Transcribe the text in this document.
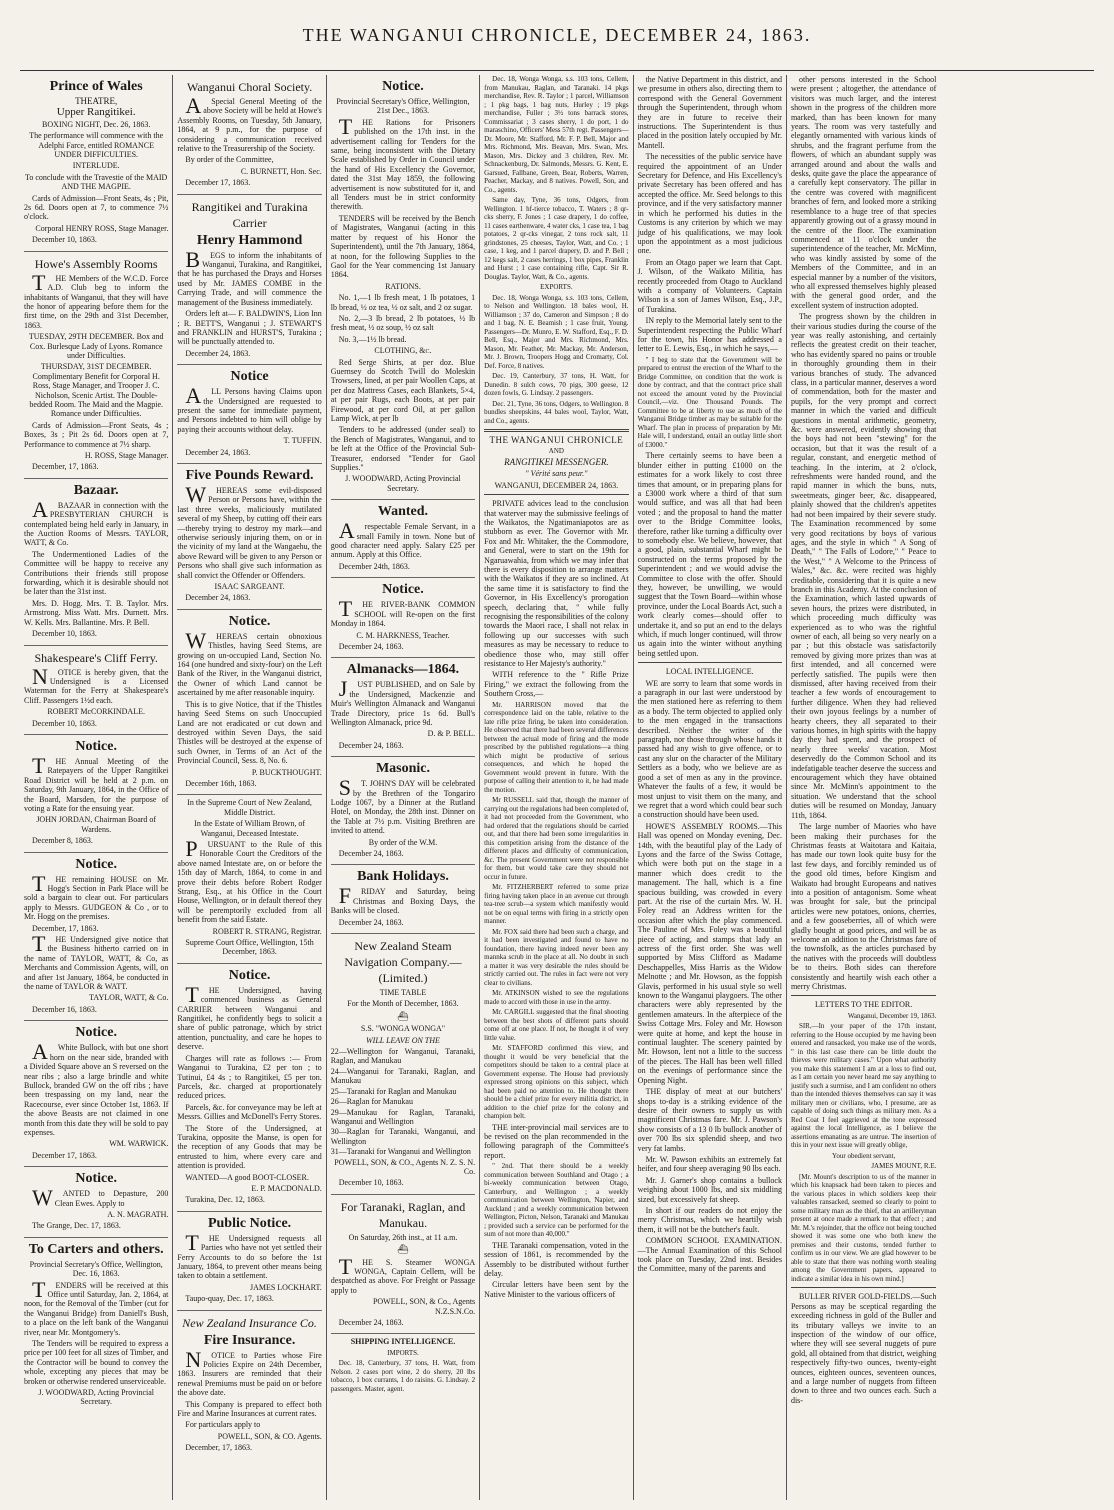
THE WANGANUI CHRONICLE, DECEMBER 24, 1863.
Prince of Wales
THEATRE,
Upper Rangitikei.

BOXING NIGHT, Dec. 26, 1863.

The performance will commence with the Adelphi Farce, entitled ROMANCE UNDER DIFFICULTIES.

INTERLUDE.

To conclude with the Travestie of the MAID AND THE MAGPIE.

Cards of Admission—Front Seats, 4s ; Pit, 2s 6d. Doors open at 7, to commence 7½ o'clock.

Corporal HENRY ROSS, Stage Manager.

December 10, 1863.

Howe's Assembly Rooms

THE Members of the W.C.D. Force A.D. Club beg to inform the inhabitants of Wanganui, that they will have the honor of appearing before them for the first time, on the 29th and 31st December, 1863.

TUESDAY, 29TH DECEMBER. Box and Cox. Burlesque Lady of Lyons. Romance under Difficulties.

THURSDAY, 31ST DECEMBER. Complimentary Benefit for Corporal H. Ross, Stage Manager, and Trooper J. C. Nicholson, Scenic Artist. The Double-bedded Room. The Maid and the Magpie. Romance under Difficulties.

Cards of Admission—Front Seats, 4s ; Boxes, 3s ; Pit 2s 6d. Doors open at 7, Performance to commence at 7½ sharp.

H. ROSS, Stage Manager.

December, 17, 1863.

Bazaar.

ABAZAAR in connection with the PRESBYTERIAN CHURCH is contemplated being held early in January, in the Auction Rooms of Messrs. TAYLOR, WATT, & Co.

The Undermentioned Ladies of the Committee will be happy to receive any Contributions their friends still propose forwarding, which it is desirable should not be later than the 31st inst.

Mrs. D. Hogg. Mrs. T. B. Taylor. Mrs. Armstrong. Miss Watt. Mrs. Durnett. Mrs. W. Kells. Mrs. Ballantine. Mrs. P. Bell.

December 10, 1863.

Shakespeare's Cliff Ferry.

NOTICE is hereby given, that the Undersigned is a Licensed Waterman for the Ferry at Shakespeare's Cliff. Passengers 1½d each.

ROBERT McCORKINDALE.

December 10, 1863.

Notice.

THE Annual Meeting of the Ratepayers of the Upper Rangitikei Road District will be held at 2 p.m. on Saturday, 9th January, 1864, in the Office of the Board, Marsden, for the purpose of voting a Rate for the ensuing year.

JOHN JORDAN, Chairman Board of Wardens.

December 8, 1863.

Notice.

THE remaining HOUSE on Mr. Hogg's Section in Park Place will be sold a bargain to clear out. For particulars apply to Messrs. GUDGEON & Co , or to Mr. Hogg on the premises.

December, 17, 1863.

THE Undersigned give notice that the Business hitherto carried on in the name of TAYLOR, WATT, & Co, as Merchants and Commission Agents, will, on and after 1st January, 1864, be conducted in the name of TAYLOR & WATT.

TAYLOR, WATT, & Co.

December 16, 1863.

Notice.

AWhite Bullock, with but one short horn on the near side, branded with a Divided Square above an S reversed on the near ribs ; also a large brindle and white Bullock, branded GW on the off ribs ; have been trespassing on my land, near the Racecourse, ever since October 1st, 1863. If the above Beasts are not claimed in one month from this date they will be sold to pay expenses.

WM. WARWICK.

December 17, 1863.

Notice.

WANTED to Depasture, 200 Clean Ewes. Apply to

A. N. MAGRATH.

The Grange, Dec. 17, 1863.

To Carters and others.

Provincial Secretary's Office, Wellington, Dec. 16, 1863.

TENDERS will be received at this Office until Saturday, Jan. 2, 1864, at noon, for the Removal of the Timber (cut for the Wanganui Bridge) from Daniell's Bush, to a place on the left bank of the Wanganui river, near Mr. Montgomery's.

The Tenders will be required to express a price per 100 feet for all sizes of Timber, and the Contractor will be bound to convey the whole, excepting any pieces that may be broken or otherwise rendered unserviceable.

J. WOODWARD, Acting Provincial Secretary.

Wanganui Choral Society.

ASpecial General Meeting of the above Society will be held at Howe's Assembly Rooms, on Tuesday, 5th January, 1864, at 9 p.m., for the purpose of considering a communication received relative to the Treasurership of the Society.

By order of the Committee,

C. BURNETT, Hon. Sec.

December 17, 1863.

Rangitikei and Turakina Carrier
Henry Hammond

BEGS to inform the inhabitants of Wanganui, Turakina, and Rangitikei, that he has purchased the Drays and Horses used by Mr. JAMES COMBE in the Carrying Trade, and will commence the management of the Business immediately.

Orders left at— F. BALDWIN'S, Lion Inn ; R. BETT'S, Wanganui ; J. STEWART'S and FRANKLIN and HURST'S, Turakina ; will be punctually attended to.

December 24, 1863.

Notice

ALL Persons having Claims upon the Undersigned are requested to present the same for immediate payment, and Persons indebted to him will oblige by paying their accounts without delay.

T. TUFFIN.

December 24, 1863.

Five Pounds Reward.

WHEREAS some evil-disposed Person or Persons have, within the last three weeks, maliciously mutilated several of my Sheep, by cutting off their ears—thereby trying to destroy my mark—and otherwise seriously injuring them, on or in the vicinity of my land at the Wangaehu, the above Reward will be given to any Person or Persons who shall give such information as shall convict the Offender or Offenders.

ISAAC SARGEANT.

December 24, 1863.

Notice.

WHEREAS certain obnoxious Thistles, having Seed Stems, are growing on un-occupied Land, Section No. 164 (one hundred and sixty-four) on the Left Bank of the River, in the Wanganui district, the Owner of which Land cannot be ascertained by me after reasonable inquiry.

This is to give Notice, that if the Thistles having Seed Stems on such Unoccupied Land are not eradicated or cut down and destroyed within Seven Days, the said Thistles will be destroyed at the expense of such Owner, in Terms of an Act of the Provincial Council, Sess. 8, No. 6.

P. BUCKTHOUGHT.

December 16th, 1863.

In the Supreme Court of New Zealand, Middle District.

In the Estate of William Brown, of Wanganui, Deceased Intestate.

PURSUANT to the Rule of this Honorable Court the Creditors of the above named Intestate are, on or before the 15th day of March, 1864, to come in and prove their debts before Robert Rodger Strang, Esq., at his Office in the Court House, Wellington, or in default thereof they will be peremptorily excluded from all benefit from the said Estate.

ROBERT R. STRANG, Registrar.

Supreme Court Office, Wellington, 15th December, 1863.

Notice.

THE Undersigned, having commenced business as General CARRIER between Wanganui and Rangitikei, he confidently begs to solicit a share of public patronage, which by strict attention, punctuality, and care he hopes to deserve.

Charges will rate as follows :— From Wanganui to Turakina, £2 per ton ; to Tutinui, £4 4s ; to Rangitikei, £5 per ton. Parcels, &c. charged at proportionately reduced prices.

Parcels, &c. for conveyance may be left at Messrs. Gillies and McDonell's Ferry Stores.

The Store of the Undersigned, at Turakina, opposite the Manse, is open for the reception of any Goods that may be entrusted to him, where every care and attention is provided.

WANTED—A good BOOT-CLOSER.

E. P. MACDONALD.

Turakina, Dec. 12, 1863.

Public Notice.

THE Undersigned requests all Parties who have not yet settled their Ferry Accounts to do so before the 1st January, 1864, to prevent other means being taken to obtain a settlement.

JAMES LOCKHART.

Taupo-quay, Dec. 17, 1863.

New Zealand Insurance Co.
Fire Insurance.

NOTICE to Parties whose Fire Policies Expire on 24th December, 1863. Insurers are reminded that their renewal Premiums must be paid on or before the above date.

This Company is prepared to effect both Fire and Marine Insurances at current rates.

For particulars apply to

POWELL, SON, & CO. Agents.

December, 17, 1863.

Notice.

Provincial Secretary's Office, Wellington, 21st Dec., 1863.

THE Rations for Prisoners published on the 17th inst. in the advertisement calling for Tenders for the same, being inconsistent with the Dietary Scale established by Order in Council under the hand of His Excellency the Governor, dated the 31st May 1859, the following advertisement is now substituted for it, and all Tenders must be in strict conformity therewith.

TENDERS will be received by the Bench of Magistrates, Wanganui (acting in this matter by request of his Honor the Superintendent), until the 7th January, 1864, at noon, for the following Supplies to the Gaol for the Year commencing 1st January 1864.

RATIONS.

No. 1,—1 lb fresh meat, 1 lb potatoes, 1 lb bread, ½ oz tea, ½ oz salt, and 2 oz sugar.

No. 2,—3 lb bread, 2 lb potatoes, ½ lb fresh meat, ½ oz soup, ½ oz salt

No. 3,—1½ lb bread.

CLOTHING, &c.

Red Serge Shirts, at per doz. Blue Guernsey do Scotch Twill do Moleskin Trowsers, lined, at per pair Woollen Caps, at per doz Mattress Cases, each Blankets, 5×4, at per pair Rugs, each Boots, at per pair Firewood, at per cord Oil, at per gallon Lamp Wick, at per lb

Tenders to be addressed (under seal) to the Bench of Magistrates, Wanganui, and to be left at the Office of the Provincial Sub-Treasurer, endorsed "Tender for Gaol Supplies."

J. WOODWARD, Acting Provincial Secretary.

Wanted.

Arespectable Female Servant, in a small Family in town. None but of good character need apply. Salary £25 per annum. Apply at this Office.

December 24th, 1863.

Notice.

THE RIVER-BANK COMMON SCHOOL will Re-open on the first Monday in 1864.

C. M. HARKNESS, Teacher.

December 24, 1863.

Almanacks—1864.

JUST PUBLISHED, and on Sale by the Undersigned, Mackenzie and Muir's Wellington Almanack and Wanganui Trade Directory, price 1s 6d. Bull's Wellington Almanack, price 9d.

D. & P. BELL.

December 24, 1863.

Masonic.

ST. JOHN'S DAY will be celebrated by the Brethren of the Tongariro Lodge 1067, by a Dinner at the Rutland Hotel, on Monday, the 28th inst. Dinner on the Table at 7½ p.m. Visiting Brethren are invited to attend.

By order of the W.M.

December 24, 1863.

Bank Holidays.

FRIDAY and Saturday, being Christmas and Boxing Days, the Banks will be closed.

December 24, 1863.

New Zealand Steam Navigation Company.—(Limited.)

TIME TABLE

For the Month of December, 1863.

⛴

S.S. "WONGA WONGA"

WILL LEAVE ON THE

22—Wellington for Wanganui, Taranaki, Raglan, and Manukau
24—Wanganui for Taranaki, Raglan, and Manukau
25—Taranaki for Raglan and Manukau
26—Raglan for Manukau
29—Manukau for Raglan, Taranaki, Wanganui and Wellington
30—Raglan for Taranaki, Wanganui, and Wellington
31—Taranaki for Wanganui and Wellington

POWELL, SON, & CO., Agents N. Z. S. N. Co.

December 10, 1863.

For Taranaki, Raglan, and Manukau.

On Saturday, 26th inst., at 11 a.m.

⛴

THE S. Steamer WONGA WONGA, Captain Cellem, will be despatched as above. For Freight or Passage apply to

POWELL, SON, & Co., Agents N.Z.S.N.Co.

December 24, 1863.

SHIPPING INTELLIGENCE.

IMPORTS.

Dec. 18, Canterbury, 37 tons, H. Watt, from Nelson. 2 cases port wine, 2 do sherry, 20 lbs tobacco, 1 box currants, 1 do raisins. G. Lindsay. 2 passengers. Master, agent.

Dec. 18, Wonga Wonga, s.s. 103 tons, Cellem, from Manukau, Raglan, and Taranaki. 14 pkgs merchandise, Rev. R. Taylor ; 1 parcel, Williamson ; 1 pkg bags, 1 bag nuts, Hurley ; 19 pkgs merchandise, Fuller ; 3½ tons barrack stores, Commissariat ; 3 cases sherry, 1 do port, 1 do maraschino, Officers' Mess 57th regt. Passengers—Dr. Moore, Mr. Stafford, Mr. F. P. Bell, Major and Mrs. Richmond, Mrs. Beavan, Mrs. Swan, Mrs. Mason, Mrs. Dickey and 3 children, Rev. Mr. Schnackenburg, Dr. Salmonds, Messrs. G. Kent, E. Garsued, Fallbane, Green, Bear, Roberts, Warren, Peacher, Mackay, and 8 natives. Powell, Son, and Co., agents.

Same day, Tyne, 36 tons, Odgers, from Wellington. 1 hf-tierce tobacco, T. Waters ; 8 qr-cks sherry, F. Jones ; 1 case drapery, 1 do coffee, 11 cases earthenware, 4 water cks, 1 case tea, 1 bag potatoes, 2 qr-cks vinegar, 2 tons rock salt, 11 grindstones, 25 cheeses, Taylor, Watt, and Co. ; 1 case, 1 keg, and 1 parcel drapery, D. and P. Bell ; 12 kegs salt, 2 cases herrings, 1 box pipes, Franklin and Hurst ; 1 case containing rifle, Capt. Sir R. Douglas. Taylor, Watt, & Co., agents.

EXPORTS.

Dec. 18, Wonga Wonga, s.s. 103 tons, Cellem, to Nelson and Wellington. 18 bales wool, H. Williamson ; 37 do, Cameron and Simpson ; 8 do and 1 bag, N. E. Beamish ; 1 case fruit, Young. Passengers—Dr. Munro, E. W. Stafford, Esq., F. D. Bell, Esq., Major and Mrs. Richmond, Mrs. Mason, Mr. Feather, Mr. Mackay, Mr. Anderson, Mr. J. Brown, Troopers Hogg and Cromarty, Col. Def. Force, 8 natives.

Dec. 19, Canterbury, 37 tons, H. Watt, for Dunedin. 8 sulch cows, 70 pigs, 300 geese, 12 dozen fowls, G. Lindsay. 2 passengers.

Dec. 21, Tyne, 36 tons, Odgers, to Wellington. 8 bundles sheepskins, 44 bales wool, Taylor, Watt, and Co., agents.

THE WANGANUI CHRONICLE

AND

RANGITIKEI MESSENGER.

" Vérité sans peur."

WANGANUI, DECEMBER 24, 1863.

PRIVATE advices lead to the conclusion that waterver may the submissive feelings of the Waikatos, the Ngatimaniapotos are as stubborn as ever. The Governor with Mr. Fox and Mr. Whitaker, the the Commodore, and General, were to start on the 19th for Ngaruawahia, from which we may infer that there is every disposition to arrange matters with the Waikatos if they are so inclined. At the same time it is satisfactory to find the Governor, in His Excellency's prorogation speech, declaring that, " while fully recognising the responsibilities of the colony towards the Maori race, I shall not relax in following up our successes with such measures as may be necessary to reduce to obedience those who, may still offer resistance to Her Majesty's authority."

WITH reference to the " Rifle Prize Firing," we extract the following from the Southern Cross,—

Mr. HARRISON moved that the correspondence laid on the table, relative to the late rifle prize firing, be taken into consideration. He observed that there had been several differences between the actual mode of firing and the mode prescribed by the published regulations—a thing which might be productive of serious consequences, and which he hoped the Government would prevent in future. With the purpose of calling their attention to it, he had made the motion.

Mr RUSSELL said that, though the manner of carrying out the regulations had been completed of, it had not proceeded from the Government, who had ordered that the regulations should be carried out, and that there had been some irregularities in this competition arising from the distance of the different places and difficulty of communication, &c. The present Government were not responsible for them, but would take care they should not occur in future.

Mr. FITZHERBERT referred to some prize firing having taken place in an avenue cut through tea-tree scrub—a system which manifestly would not be on equal terms with firing in a strictly open manner.

Mr. FOX said there had been such a charge, and it had been investigated and found to have no foundation, there having indeed never been any mannka scrub in the place at all. No doubt in such a matter it was very desirable the rules should be strictly carried out. The rules in fact were not very clear to civilians.

Mr. ATKINSON wished to see the regulations made to accord with those in use in the army.

Mr. CARGILL suggested that the final shooting between the best shots of different parts should come off at one place. If not, he thought it of very little value.

Mr. STAFFORD confirmed this view, and thought it would be very beneficial that the competitors should be taken to a central place at Government expense. The House had previously expressed strong opinions on this subject, which had been paid no attention to. He thought there should be a chief prize for every militia district, in addition to the chief prize for the colony and champion belt.

THE inter-provincial mail services are to be revised on the plan recommended in the following paragraph of the Committee's report.

" 2nd. That there should be a weekly communication between Southland and Otago ; a bi-weekly communication between Otago, Canterbury, and Wellington ; a weekly communication between Wellington, Napier, and Auckland ; and a weekly communication between Wellington, Picton, Nelson, Taranaki and Manukau ; provided such a service can be performed for the sum of not more than 40,000."

THE Taranaki compensation, voted in the session of 1861, is recommended by the Assembly to be distributed without further delay.

Circular letters have been sent by the Native Minister to the various officers of

the Native Department in this district, and we presume in others also, directing them to correspond with the General Government through the Superintendent, through whom they are in future to receive their instructions. The Superintendent is thus placed in the position lately occupied by Mr. Mantell.

The necessities of the public service have required the appointment of an Under Secretary for Defence, and His Excellency's private Secretary has been offered and has accepted the office. Mr. Seed belongs to this province, and if the very satisfactory manner in which he performed his duties in the Customs is any criterion by which we may judge of his qualifications, we may look upon the appointment as a most judicious one.

From an Otago paper we learn that Capt. J. Wilson, of the Waikato Militia, has recently proceeded from Otago to Auckland with a company of Volunteers. Captain Wilson is a son of James Wilson, Esq., J.P., of Turakina.

IN reply to the Memorial lately sent to the Superintendent respecting the Public Wharf for the town, his Honor has addressed a letter to E. Lewis, Esq., in which he says,—

" I beg to state that the Government will be prepared to entrust the erection of the Wharf to the Bridge Committee, on condition that the work is done by contract, and that the contract price shall not exceed the amount voted by the Provincial Council,—viz. One Thousand Pounds. The Committee to be at liberty to use as much of the Wanganui Bridge timber as may be suitable for the Wharf. The plan in process of preparation by Mr. Hale will, I understand, entail an outlay little short of £3000."

There certainly seems to have been a blunder either in putting £1000 on the estimates for a work likely to cost three times that amount, or in preparing plans for a £3000 work where a third of that sum would suffice, and was all that had been voted ; and the proposal to hand the matter over to the Bridge Committee looks, therefore, rather like turning a difficulty over to somebody else. We believe, however, that a good, plain, substantial Wharf might be constructed on the terms proposed by the Superintendent ; and we would advise the Committee to close with the offer. Should they, however, be unwilling, we would suggest that the Town Board—within whose province, under the Local Boards Act, such a work clearly comes—should offer to undertake it, and so put an end to the delays which, if much longer continued, will throw us again into the winter without anything being settled upon.

LOCAL INTELLIGENCE.

WE are sorry to learn that some words in a paragraph in our last were understood by the men stationed here as referring to them as a body. The term objected to applied only to the men engaged in the transactions described. Neither the writer of the paragraph, nor those through whose hands it passed had any wish to give offence, or to cast any slur on the character of the Military Settlers as a body, who we believe are as good a set of men as any in the province. Whatever the faults of a few, it would be most unjust to visit them on the many, and we regret that a word which could bear such a construction should have been used.

HOWE'S ASSEMBLY ROOMS.—This Hall was opened on Monday evening, Dec. 14th, with the beautiful play of the Lady of Lyons and the farce of the Swiss Cottage, which were both put on the stage in a manner which does credit to the management. The hall, which is a fine spacious building, was crowded in every part. At the rise of the curtain Mrs. W. H. Foley read an Address written for the occasion after which the play commenced. The Pauline of Mrs. Foley was a beautiful piece of acting, and stamps that lady an actress of the first order. She was well supported by Miss Clifford as Madame Deschappelles, Miss Harris as the Widow Melnotte ; and Mr. Howson, as the foppish Glavis, performed in his usual style so well known to the Wanganui playgoers. The other characters were ably represented by the gentlemen amateurs. In the afterpiece of the Swiss Cottage Mrs. Foley and Mr. Howson were quite at home, and kept the house in continual laughter. The scenery painted by Mr. Howson, lent not a little to the success of the pieces. The Hall has been well filled on the evenings of performance since the Opening Night.

THE display of meat at our butchers' shops to-day is a striking evidence of the desire of their owners to supply us with magnificent Christmas fare. Mr. J. Pawson's show consists of a 13 0 lb bullock another of over 700 lbs six splendid sheep, and two very fat lambs.

Mr. W. Pawson exhibits an extremely fat heifer, and four sheep averaging 90 lbs each.

Mr. J. Garner's shop contains a bullock weighing about 1000 lbs, and six middling sized, but excessively fat sheep.

In short if our readers do not enjoy the merry Christmas, which we heartily wish them, it will not be the butcher's fault.

COMMON SCHOOL EXAMINATION.—The Annual Examination of this School took place on Tuesday, 22nd inst. Besides the Committee, many of the parents and

other persons interested in the School were present ; altogether, the attendance of visitors was much larger, and the interest shown in the progress of the children more marked, than has been known for many years. The room was very tastefully and elegantly ornamented with various kinds of shrubs, and the fragrant perfume from the flowers, of which an abundant supply was arranged around and about the walls and desks, quite gave the place the appearance of a carefully kept conservatory. The pillar in the centre was covered with magnificent branches of fern, and looked more a striking resemblance to a huge tree of that species apparently growing out of a grassy mound in the centre of the floor. The examination commenced at 11 o'clock under the superintendence of the teacher, Mr. McMinn, who was kindly assisted by some of the Members of the Committee, and in an especial manner by a number of the visitors, who all expressed themselves highly pleased with the general good order, and the excellent system of instruction adopted.

The progress shown by the children in their various studies during the course of the year was really astonishing, and certainly reflects the greatest credit on their teacher, who has evidently spared no pains or trouble in thoroughly grounding them in their various branches of study. The advanced class, in a particular manner, deserves a word of commendation, both for the master and pupils, for the very prompt and correct manner in which the varied and difficult questions in mental arithmetic, geometry, &c. were answered, evidently showing that the boys had not been "stewing" for the occasion, but that it was the result of a regular, constant, and energetic method of teaching. In the interim, at 2 o'clock, refreshments were handed round, and the rapid manner in which the buns, nuts, sweetmeats, ginger beer, &c. disappeared, plainly showed that the children's appetites had not been impaired by their severe study. The Examination recommenced by some very good recitations by boys of various ages, and the style in which " A Song of Death," " The Falls of Lodore," " Peace to the West," " A Welcome to the Princess of Wales," &c. &c. were recited was highly creditable, considering that it is quite a new branch in this Academy. At the conclusion of the Examination, which lasted upwards of seven hours, the prizes were distributed, in which proceeding much difficulty was experienced as to who was the rightful owner of each, all being so very nearly on a par ; but this obstacle was satisfactorily removed by giving more prizes than was at first intended, and all concerned were perfectly satisfied. The pupils were then dismissed, after having received from their teacher a few words of encouragement to further diligence. When they had relieved their own joyous feelings by a number of hearty cheers, they all separated to their various homes, in high spirits with the happy day they had spent, and the prospect of nearly three weeks' vacation. Most deservedly do the Common School and its indefatigable teacher deserve the success and encouragement which they have obtained since Mr. McMinn's appointment to the situation. We understand that the school duties will be resumed on Monday, January 11th, 1864.

The large number of Maories who have been making their purchases for the Christmas feasts at Waitotara and Kaitaia, has made our town look quite busy for the last few days, and forcibly reminded us of the good old times, before Kingism and Waikato had brought Europeans and natives into a position of antagonism. Some wheat was brought for sale, but the principal articles were new potatoes, onions, cherries, and a few gooseberries, all of which were gladly bought at good prices, and will be as welcome an addition to the Christmas fare of the townsfolk, as the articles purchased by the natives with the proceeds will doubtless be to theirs. Both sides can therefore consistently and heartily wish each other a merry Christmas.

LETTERS TO THE EDITOR.

Wanganui, December 19, 1863.

SIR,—In your paper of the 17th instant, referring to the House occupied by me having been entered and ransacked, you make use of the words, " in this last case there can be little doubt the thieves were military cases." Upon what authority you make this statement I am at a loss to find out, as I am certain you never heard me say anything to justify such a surmise, and I am confident no others than the intended thieves themselves can say it was military men or civilians, who, I presume, are as capable of doing such things as military men. As a Red Coat I feel aggrieved at the tone expressed against the local Intelligence, as I believe the assertions emanating as are untrue. The insertion of this in your next issue will greatly oblige,

Your obedient servant,

JAMES MOUNT, R.E.

[Mr. Mount's description to us of the manner in which his knapsack had been taken to pieces and the various places in which soldiers keep their valuables ransacked, seemed so clearly to point to some military man as the thief, that an artilleryman present at once made a remark to that effect ; and Mr. M.'s rejoinder, that the office not being touched showed it was some one who both knew the premises and their customs, tended further to confirm us in our view. We are glad however to be able to state that there was nothing worth stealing among the Government papers, appeared to indicate a similar idea in his own mind.]

BULLER RIVER GOLD-FIELDS.—Such Persons as may be sceptical regarding the exceeding richness in gold of the Buller and its tributary valleys we invite to an inspection of the window of our office, where they will see several nuggets of pure gold, all obtained from that district, weighing respectively fifty-two ounces, twenty-eight ounces, eighteen ounces, seventeen ounces, and a large number of nuggets from fifteen down to three and two ounces each. Such a dis-
